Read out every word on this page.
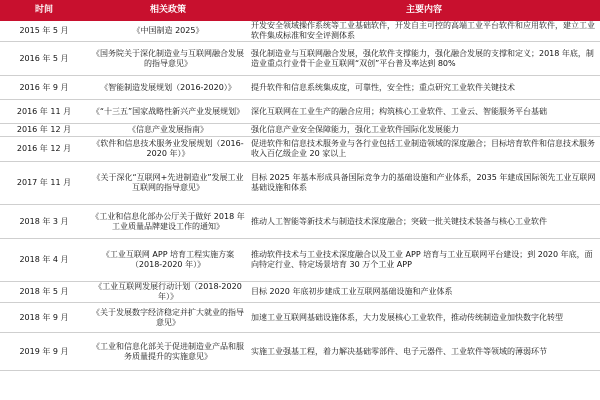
时间	相关政策	主要内容
2015 年 5 月	《中国制造 2025》	开发安全领域操作系统等工业基础软件，开发自主可控的高端工业平台软件和应用软件，建立工业软件集成标准和安全评测体系
2016 年 5 月	《国务院关于深化制造业与互联网融合发展的指导意见》	强化制造业与互联网融合发展，强化软件支撑能力，强化融合发展的支撑和定义；2018 年底，制造业重点行业骨干企业互联网“双创”平台普及率达到 80%
2016 年 9 月	《智能制造发展规划（2016-2020）》	提升软件和信息系统集成度，可靠性，安全性；重点研究工业软件关键技术
2016 年 11 月	《“十三五”国家战略性新兴产业发展规划》	深化互联网在工业生产的融合应用；构筑核心工业软件、工业云、智能服务平台基础
2016 年 12 月	《信息产业发展指南》	强化信息产业安全保障能力，强化工业软件国际化发展能力
2016 年 12 月	《软件和信息技术服务业发展规划（2016-2020 年）》	促进软件和信息技术服务业与各行业包括工业制造领域的深度融合；目标培育软件和信息技术服务收入百亿级企业 20 家以上
2017 年 11 月	《关于深化“互联网+先进制造业”发展工业互联网的指导意见》	目标 2025 年基本形成具备国际竞争力的基础设施和产业体系，2035 年建成国际领先工业互联网基础设施和体系
2018 年 3 月	《工业和信息化部办公厅关于做好 2018 年工业质量品牌建设工作的通知》	推动人工智能等新技术与制造技术深度融合；突破一批关键技术装备与核心工业软件
2018 年 4 月	《工业互联网 APP 培育工程实施方案（2018-2020 年）》	推动软件技术与工业技术深度融合以及工业 APP 培育与工业互联网平台建设；到 2020 年底，面向特定行业、特定场景培育 30 万个工业 APP
2018 年 5 月	《工业互联网发展行动计划（2018-2020 年）》	目标 2020 年底初步建成工业互联网基础设施和产业体系
2018 年 9 月	《关于发展数字经济稳定并扩大就业的指导意见》	加速工业互联网基础设施体系，大力发展核心工业软件，推动传统制造业加快数字化转型
2019 年 9 月	《工业和信息化部关于促进制造业产品和服务质量提升的实施意见》	实施工业强基工程，着力解决基础零部件、电子元器件、工业软件等领域的薄弱环节
